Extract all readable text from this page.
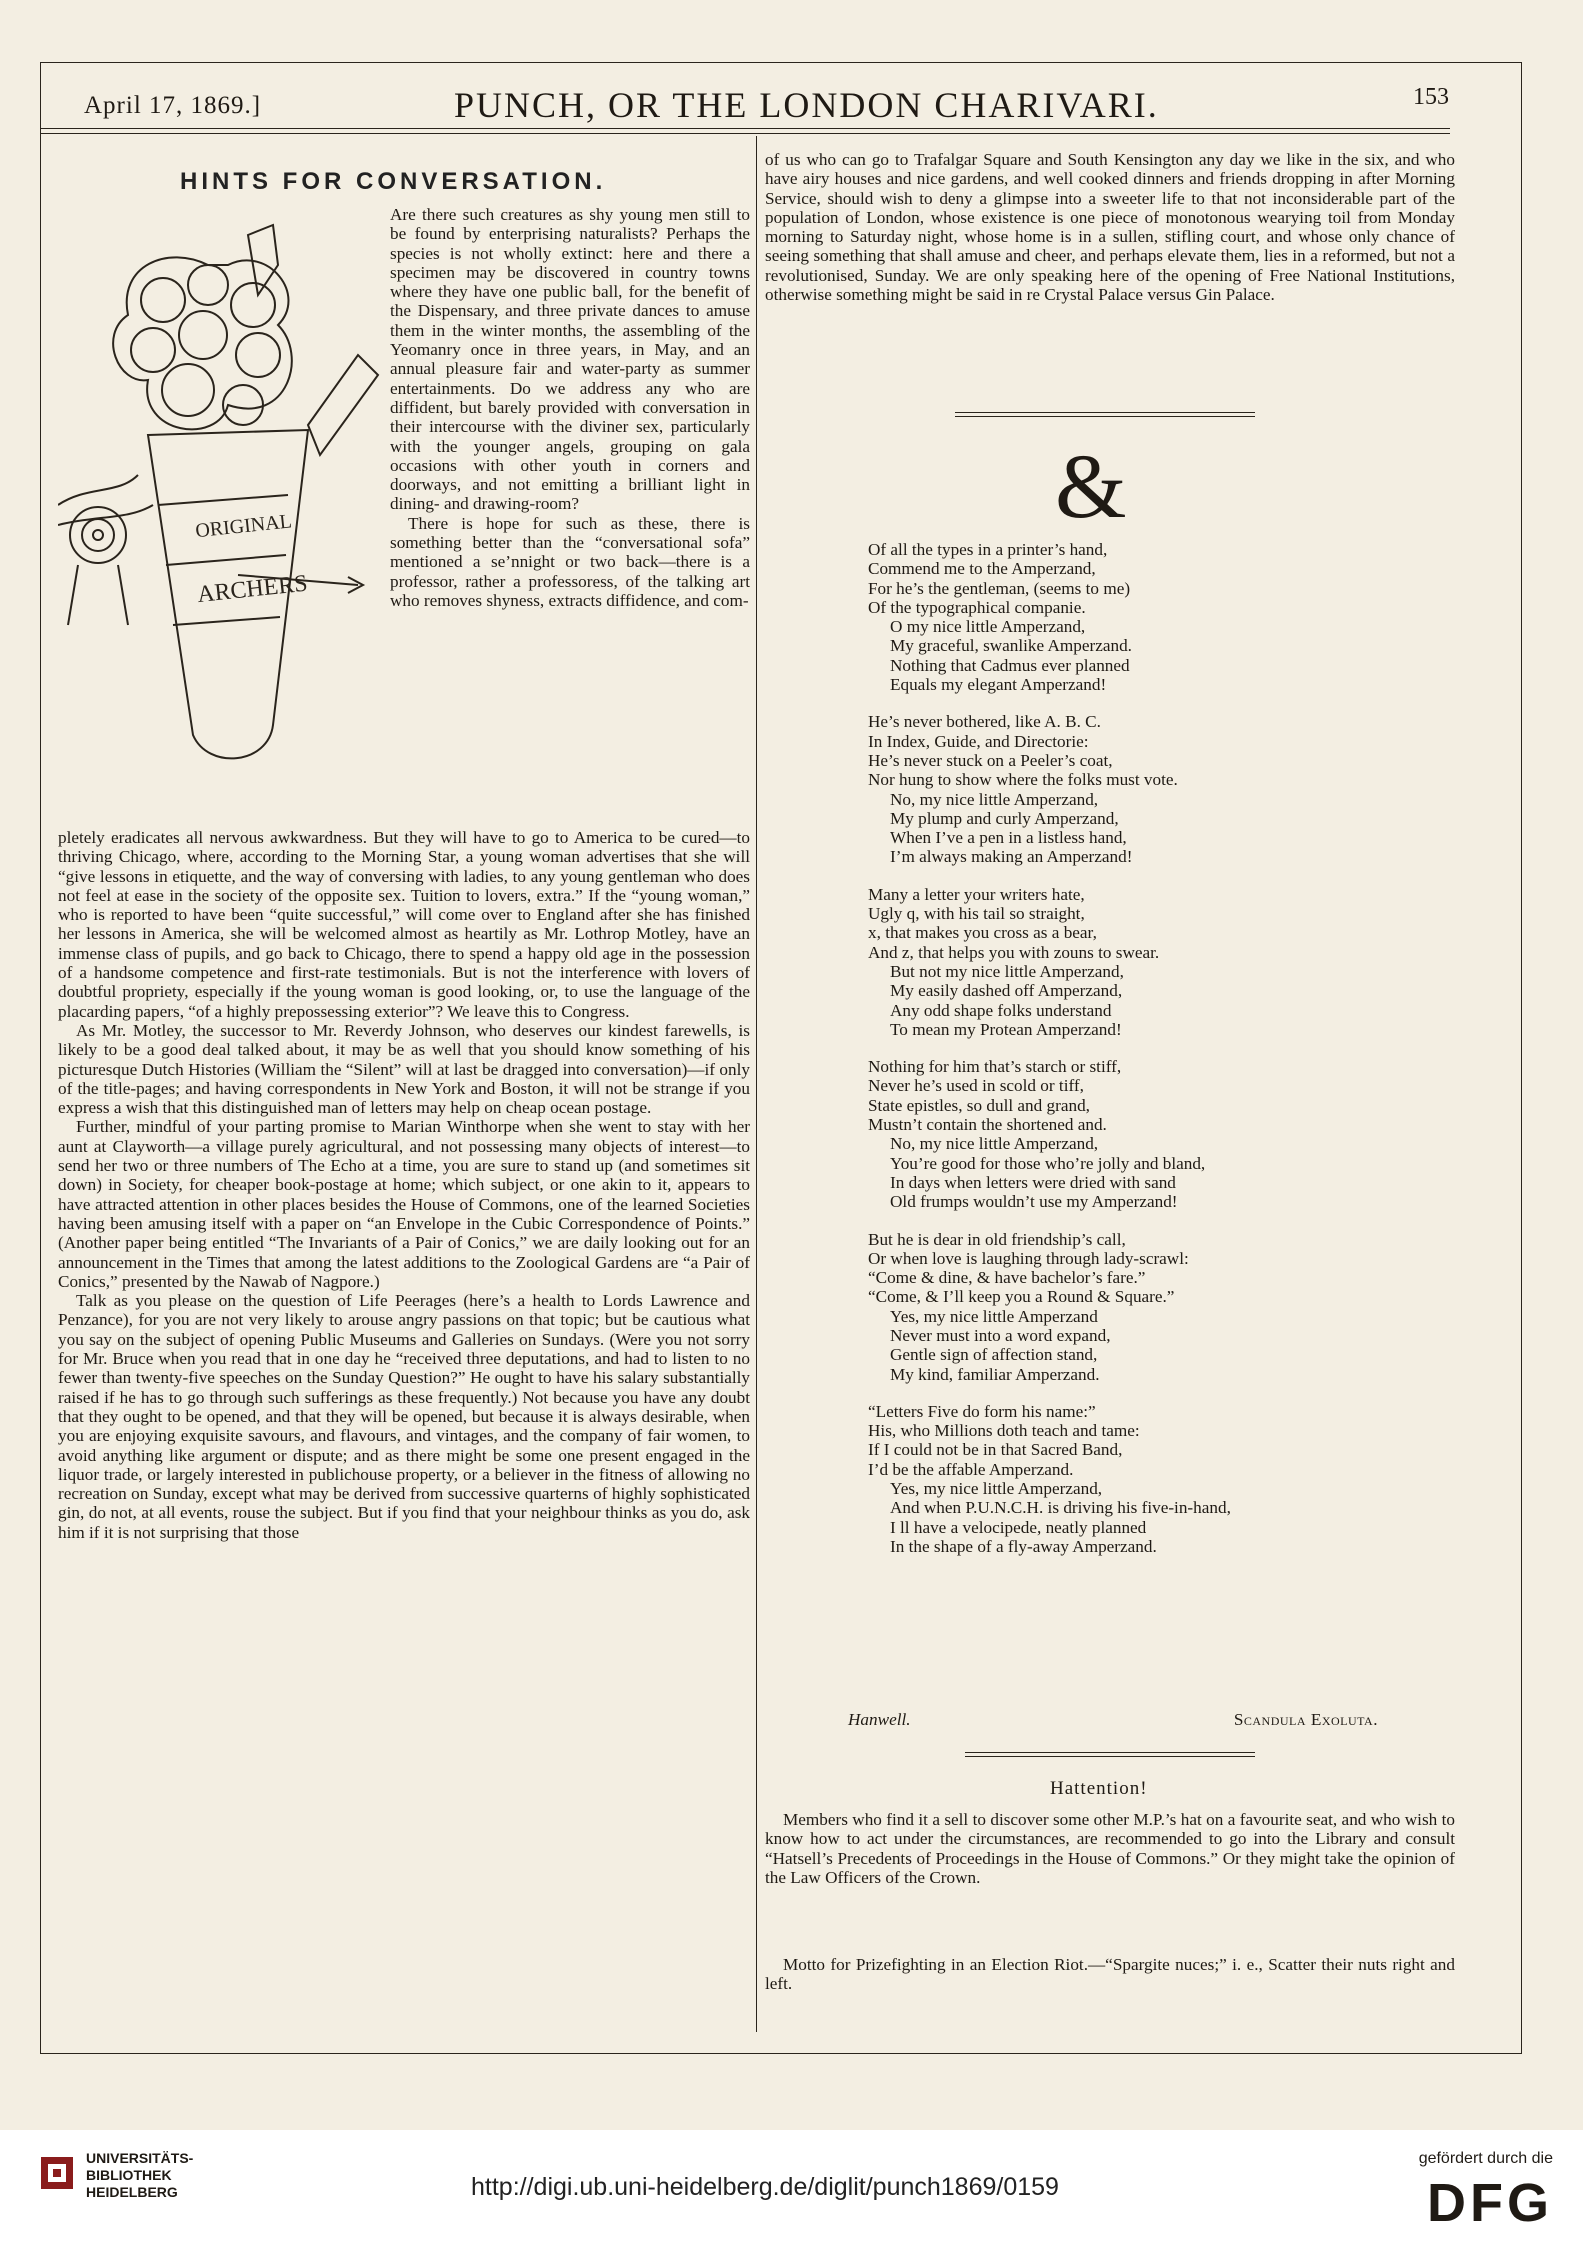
April 17, 1869.]	PUNCH, OR THE LONDON CHARIVARI.	153
HINTS FOR CONVERSATION.
ORIGINAL
ARCHERS

Are there such creatures as shy young men still to be found by enterprising naturalists? Perhaps the species is not wholly extinct: here and there a specimen may be discovered in country towns where they have one public ball, for the benefit of the Dispensary, and three private dances to amuse them in the winter months, the assembling of the Yeomanry once in three years, in May, and an annual pleasure fair and water-party as summer entertainments. Do we address any who are diffident, but barely provided with conversation in their intercourse with the diviner sex, particularly with the younger angels, grouping on gala occasions with other youth in corners and doorways, and not emitting a brilliant light in dining- and drawing-room?

There is hope for such as these, there is something better than the “conversational sofa” mentioned a se’nnight or two back—there is a professor, rather a professoress, of the talking art who removes shyness, extracts diffidence, and com-

pletely eradicates all nervous awkwardness. But they will have to go to America to be cured—to thriving Chicago, where, according to the Morning Star, a young woman advertises that she will “give lessons in etiquette, and the way of conversing with ladies, to any young gentleman who does not feel at ease in the society of the opposite sex. Tuition to lovers, extra.” If the “young woman,” who is reported to have been “quite successful,” will come over to England after she has finished her lessons in America, she will be welcomed almost as heartily as Mr. Lothrop Motley, have an immense class of pupils, and go back to Chicago, there to spend a happy old age in the possession of a handsome competence and first-rate testimonials. But is not the interference with lovers of doubtful propriety, especially if the young woman is good looking, or, to use the language of the placarding papers, “of a highly prepossessing exterior”? We leave this to Congress.

As Mr. Motley, the successor to Mr. Reverdy Johnson, who deserves our kindest farewells, is likely to be a good deal talked about, it may be as well that you should know something of his picturesque Dutch Histories (William the “Silent” will at last be dragged into conversation)—if only of the title-pages; and having correspondents in New York and Boston, it will not be strange if you express a wish that this distinguished man of letters may help on cheap ocean postage.

Further, mindful of your parting promise to Marian Winthorpe when she went to stay with her aunt at Clayworth—a village purely agricultural, and not possessing many objects of interest—to send her two or three numbers of The Echo at a time, you are sure to stand up (and sometimes sit down) in Society, for cheaper book-postage at home; which subject, or one akin to it, appears to have attracted attention in other places besides the House of Commons, one of the learned Societies having been amusing itself with a paper on “an Envelope in the Cubic Correspondence of Points.” (Another paper being entitled “The Invariants of a Pair of Conics,” we are daily looking out for an announcement in the Times that among the latest additions to the Zoological Gardens are “a Pair of Conics,” presented by the Nawab of Nagpore.)

Talk as you please on the question of Life Peerages (here’s a health to Lords Lawrence and Penzance), for you are not very likely to arouse angry passions on that topic; but be cautious what you say on the subject of opening Public Museums and Galleries on Sundays. (Were you not sorry for Mr. Bruce when you read that in one day he “received three deputations, and had to listen to no fewer than twenty-five speeches on the Sunday Question?” He ought to have his salary substantially raised if he has to go through such sufferings as these frequently.) Not because you have any doubt that they ought to be opened, and that they will be opened, but because it is always desirable, when you are enjoying exquisite savours, and flavours, and vintages, and the company of fair women, to avoid anything like argument or dispute; and as there might be some one present engaged in the liquor trade, or largely interested in publichouse property, or a believer in the fitness of allowing no recreation on Sunday, except what may be derived from successive quarterns of highly sophisticated gin, do not, at all events, rouse the subject. But if you find that your neighbour thinks as you do, ask him if it is not surprising that those

of us who can go to Trafalgar Square and South Kensington any day we like in the six, and who have airy houses and nice gardens, and well cooked dinners and friends dropping in after Morning Service, should wish to deny a glimpse into a sweeter life to that not inconsiderable part of the population of London, whose existence is one piece of monotonous wearying toil from Monday morning to Saturday night, whose home is in a sullen, stifling court, and whose only chance of seeing something that shall amuse and cheer, and perhaps elevate them, lies in a reformed, but not a revolutionised, Sunday. We are only speaking here of the opening of Free National Institutions, otherwise something might be said in re Crystal Palace versus Gin Palace.

&
Of all the types in a printer’s hand,
Commend me to the Amperzand,
For he’s the gentleman, (seems to me)
Of the typographical companie.
O my nice little Amperzand,
My graceful, swanlike Amperzand.
Nothing that Cadmus ever planned
Equals my elegant Amperzand!
He’s never bothered, like A. B. C.
In Index, Guide, and Directorie:
He’s never stuck on a Peeler’s coat,
Nor hung to show where the folks must vote.
No, my nice little Amperzand,
My plump and curly Amperzand,
When I’ve a pen in a listless hand,
I’m always making an Amperzand!
Many a letter your writers hate,
Ugly q, with his tail so straight,
x, that makes you cross as a bear,
And z, that helps you with zouns to swear.
But not my nice little Amperzand,
My easily dashed off Amperzand,
Any odd shape folks understand
To mean my Protean Amperzand!
Nothing for him that’s starch or stiff,
Never he’s used in scold or tiff,
State epistles, so dull and grand,
Mustn’t contain the shortened and.
No, my nice little Amperzand,
You’re good for those who’re jolly and bland,
In days when letters were dried with sand
Old frumps wouldn’t use my Amperzand!
But he is dear in old friendship’s call,
Or when love is laughing through lady-scrawl:
“Come & dine, & have bachelor’s fare.”
“Come, & I’ll keep you a Round & Square.”
Yes, my nice little Amperzand
Never must into a word expand,
Gentle sign of affection stand,
My kind, familiar Amperzand.
“Letters Five do form his name:”
His, who Millions doth teach and tame:
If I could not be in that Sacred Band,
I’d be the affable Amperzand.
Yes, my nice little Amperzand,
And when P.U.N.C.H. is driving his five-in-hand,
I ll have a velocipede, neatly planned
In the shape of a fly-away Amperzand.
Hanwell.	Scandula Exoluta.
Hattention!

Members who find it a sell to discover some other M.P.’s hat on a favourite seat, and who wish to know how to act under the circumstances, are recommended to go into the Library and consult “Hatsell’s Precedents of Proceedings in the House of Commons.” Or they might take the opinion of the Law Officers of the Crown.

Motto for Prizefighting in an Election Riot.—“Spargite nuces;” i. e., Scatter their nuts right and left.

UNIVERSITÄTS-
BIBLIOTHEK
HEIDELBERG	http://digi.ub.uni-heidelberg.de/diglit/punch1869/0159
gefördert durch die
DFG
